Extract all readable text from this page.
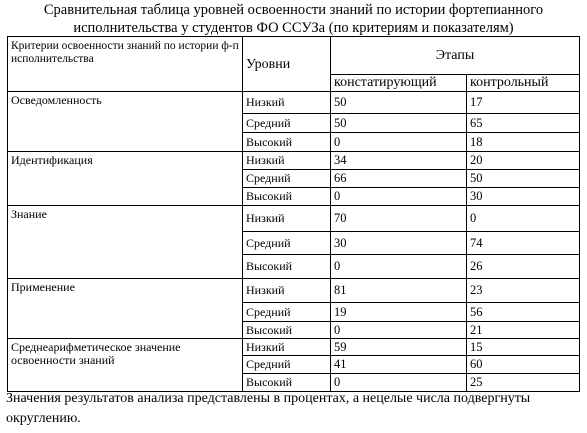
Сравнительная таблица уровней освоенности знаний по истории фортепианного
исполнительства у студентов ФО ССУЗа (по критериям и показателям)
Критерии освоенности знаний по истории ф-п исполнительства	Уровни	Этапы	
		констатирующий	контрольный
Осведомленность	Низкий	50	17
	Средний	50	65
	Высокий	0	18
Идентификация	Низкий	34	20
	Средний	66	50
	Высокий	0	30
Знание	Низкий	70	0
	Средний	30	74
	Высокий	0	26
Применение	Низкий	81	23
	Средний	19	56
	Высокий	0	21
Среднеарифметическое значение освоенности знаний	Низкий	59	15
	Средний	41	60
	Высокий	0	25
Значения результатов анализа представлены в процентах, а нецелые числа подвергнуты округлению.
